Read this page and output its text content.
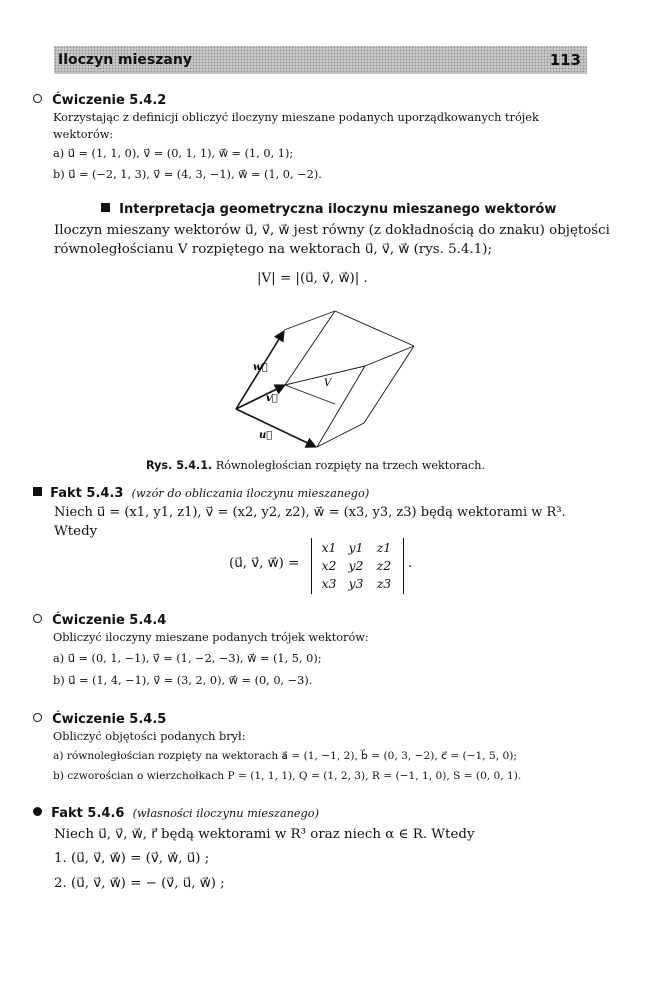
Iloczyn mieszany	113
Ćwiczenie 5.4.2
Korzystając z definicji obliczyć iloczyny mieszane podanych uporządkowanych trójek
wektorów:
a) u⃗ = (1, 1, 0), v⃗ = (0, 1, 1), w⃗ = (1, 0, 1);
b) u⃗ = (−2, 1, 3), v⃗ = (4, 3, −1), w⃗ = (1, 0, −2).
Interpretacja geometryczna iloczynu mieszanego wektorów
Iloczyn mieszany wektorów u⃗, v⃗, w⃗ jest równy (z dokładnością do znaku) objętości
równoległościanu V rozpiętego na wektorach u⃗, v⃗, w⃗ (rys. 5.4.1);
|V| = |(u⃗, v⃗, w⃗)| .
w⃗
v⃗
u⃗
V
Rys. 5.4.1. Równoległościan rozpięty na trzech wektorach.
Fakt 5.4.3 (wzór do obliczania iloczynu mieszanego)
Niech u⃗ = (x1, y1, z1), v⃗ = (x2, y2, z2), w⃗ = (x3, y3, z3) będą wektorami w R³.
Wtedy
(u⃗, v⃗, w⃗) =
x1 y1	z1
x2 y2	z2
x3 y3	z3
.
Ćwiczenie 5.4.4
Obliczyć iloczyny mieszane podanych trójek wektorów:
a) u⃗ = (0, 1, −1), v⃗ = (1, −2, −3), w⃗ = (1, 5, 0);
b) u⃗ = (1, 4, −1), v⃗ = (3, 2, 0), w⃗ = (0, 0, −3).
Ćwiczenie 5.4.5
Obliczyć objętości podanych brył:
a) równoległościan rozpięty na wektorach a⃗ = (1, −1, 2), b⃗ = (0, 3, −2), c⃗ = (−1, 5, 0);
b) czworościan o wierzchołkach P = (1, 1, 1), Q = (1, 2, 3), R = (−1, 1, 0), S = (0, 0, 1).
Fakt 5.4.6 (własności iloczynu mieszanego)
Niech u⃗, v⃗, w⃗, r⃗ będą wektorami w R³ oraz niech α ∈ R. Wtedy
1. (u⃗, v⃗, w⃗) = (v⃗, w⃗, u⃗) ;
2. (u⃗, v⃗, w⃗) = − (v⃗, u⃗, w⃗) ;
